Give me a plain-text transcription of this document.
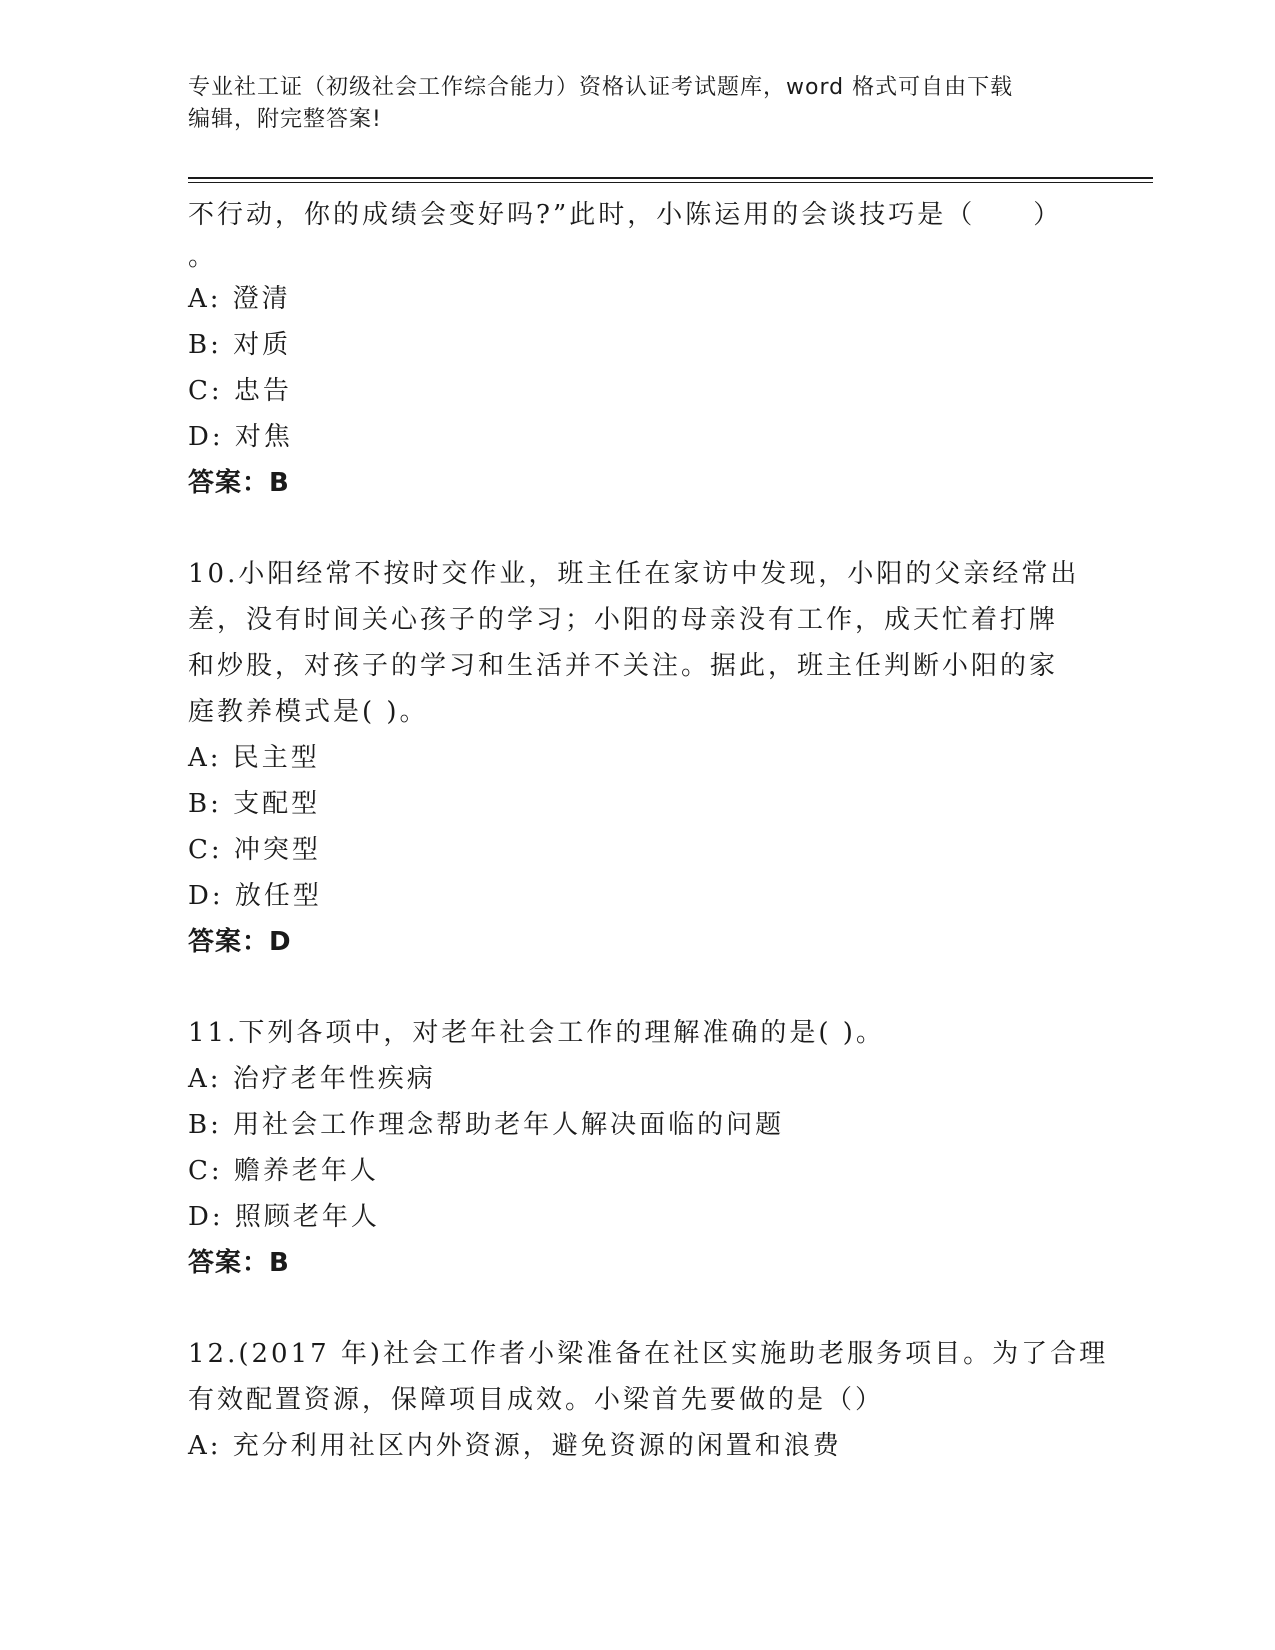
专业社工证（初级社会工作综合能力）资格认证考试题库，word 格式可自由下载
编辑，附完整答案!
不行动，你的成绩会变好吗?”此时，小陈运用的会谈技巧是（　　）
。
A: 澄清
B: 对质
C: 忠告
D: 对焦
答案：B
10.小阳经常不按时交作业，班主任在家访中发现，小阳的父亲经常出
差，没有时间关心孩子的学习；小阳的母亲没有工作，成天忙着打牌
和炒股，对孩子的学习和生活并不关注。据此，班主任判断小阳的家
庭教养模式是( )。
A: 民主型
B: 支配型
C: 冲突型
D: 放任型
答案：D
11.下列各项中，对老年社会工作的理解准确的是( )。
A: 治疗老年性疾病
B: 用社会工作理念帮助老年人解决面临的问题
C: 赡养老年人
D: 照顾老年人
答案：B
12.(2017 年)社会工作者小梁准备在社区实施助老服务项目。为了合理
有效配置资源，保障项目成效。小梁首先要做的是（）
A: 充分利用社区内外资源，避免资源的闲置和浪费
